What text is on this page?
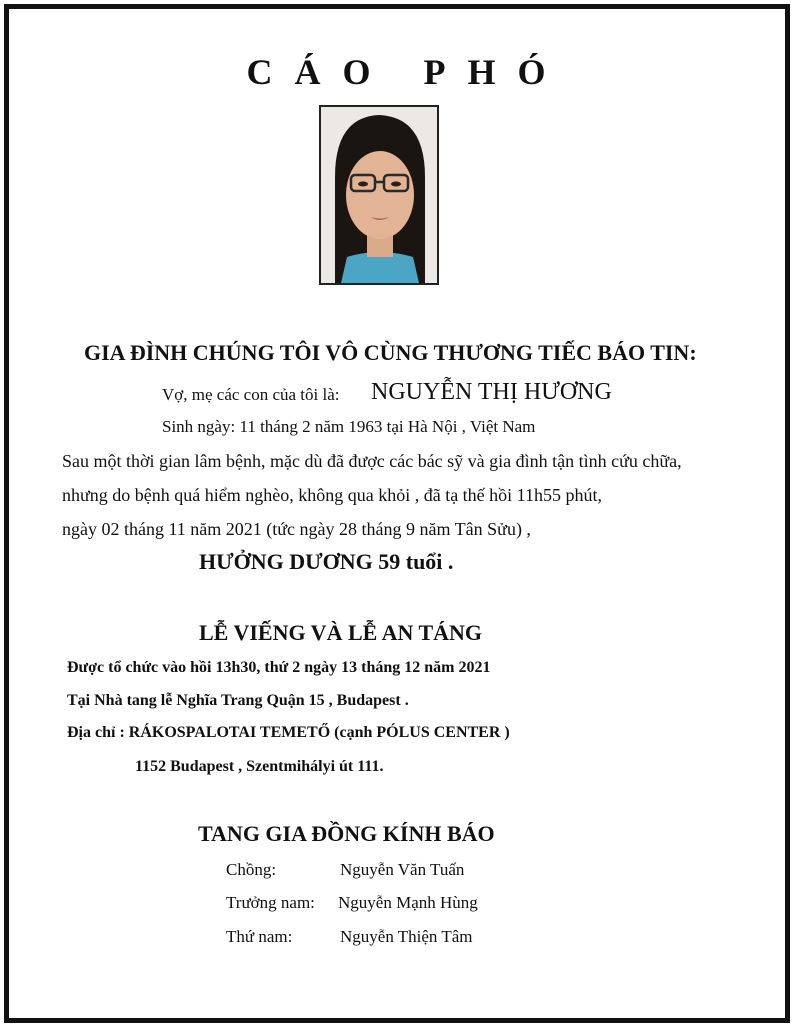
CÁO PHÓ
GIA ĐÌNH CHÚNG TÔI VÔ CÙNG THƯƠNG TIẾC BÁO TIN:
Vợ, mẹ các con của tôi là: NGUYỄN THỊ HƯƠNG
Sinh ngày: 11 tháng 2 năm 1963 tại Hà Nội , Việt Nam
Sau một thời gian lâm bệnh, mặc dù đã được các bác sỹ và gia đình tận tình cứu chữa,
nhưng do bệnh quá hiểm nghèo, không qua khỏi , đã tạ thế hồi 11h55 phút,
ngày 02 tháng 11 năm 2021 (tức ngày 28 tháng 9 năm Tân Sửu) ,
HƯỞNG DƯƠNG 59 tuổi .
LỄ VIẾNG VÀ LỄ AN TÁNG
Được tổ chức vào hồi 13h30, thứ 2 ngày 13 tháng 12 năm 2021
Tại Nhà tang lễ Nghĩa Trang Quận 15 , Budapest .
Địa chỉ : RÁKOSPALOTAI TEMETŐ (cạnh PÓLUS CENTER )
1152 Budapest , Szentmihályi út 111.
TANG GIA ĐỒNG KÍNH BÁO
Chồng:	Nguyễn Văn Tuấn
Trưởng nam: Nguyễn Mạnh Hùng
Thứ nam:	Nguyễn Thiện Tâm
